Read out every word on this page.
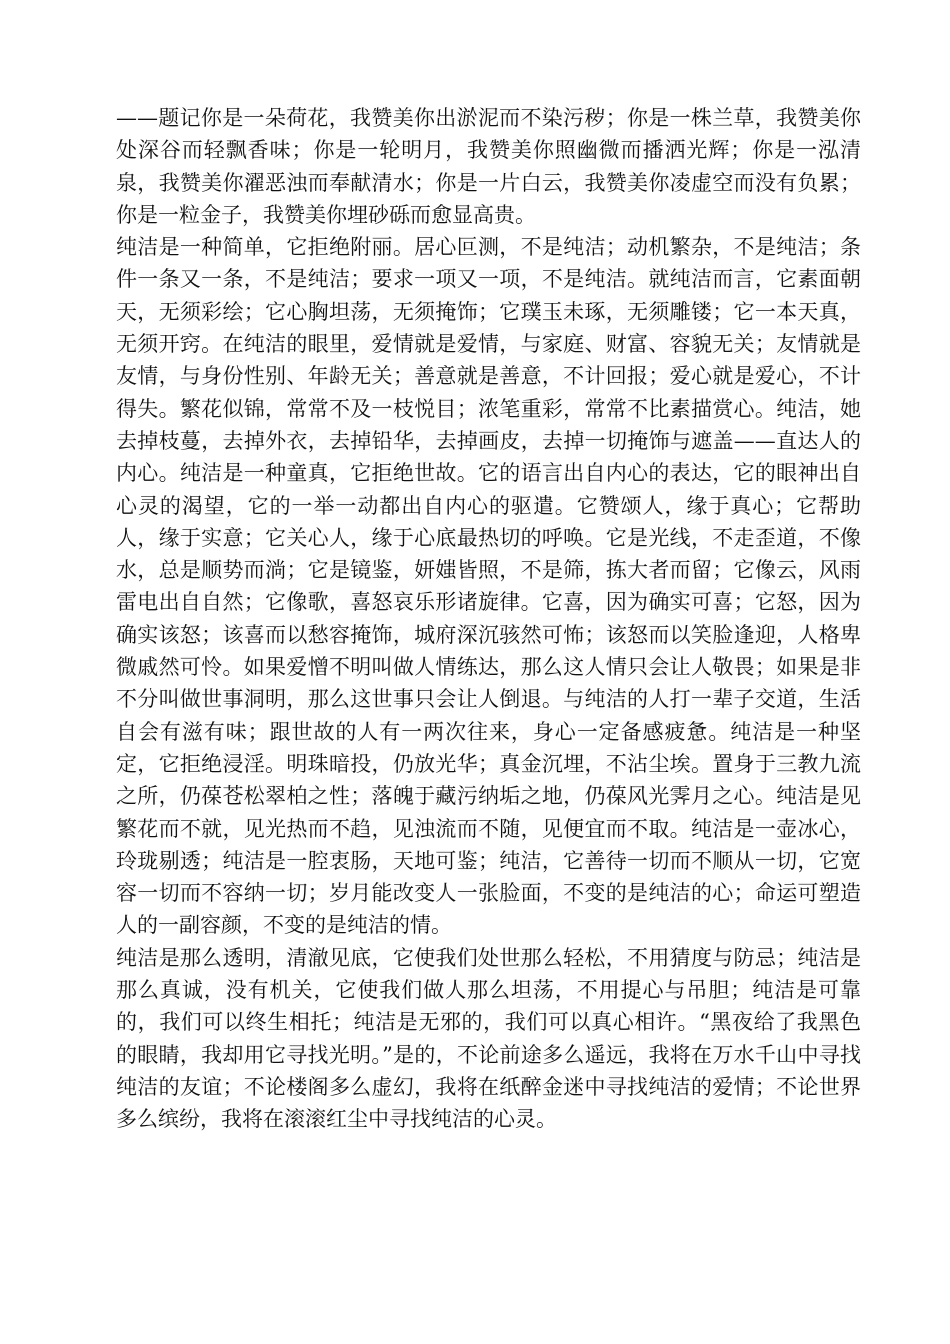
——题记你是一朵荷花，我赞美你出淤泥而不染污秽；你是一株兰草，我赞美你处深谷而轻飘香味；你是一轮明月，我赞美你照幽微而播洒光辉；你是一泓清泉，我赞美你濯恶浊而奉献清水；你是一片白云，我赞美你凌虚空而没有负累；你是一粒金子，我赞美你埋砂砾而愈显高贵。

纯洁是一种简单，它拒绝附丽。居心叵测，不是纯洁；动机繁杂，不是纯洁；条件一条又一条，不是纯洁；要求一项又一项，不是纯洁。就纯洁而言，它素面朝天，无须彩绘；它心胸坦荡，无须掩饰；它璞玉未琢，无须雕镂；它一本天真，无须开窍。在纯洁的眼里，爱情就是爱情，与家庭、财富、容貌无关；友情就是友情，与身份性别、年龄无关；善意就是善意，不计回报；爱心就是爱心，不计得失。繁花似锦，常常不及一枝悦目；浓笔重彩，常常不比素描赏心。纯洁，她去掉枝蔓，去掉外衣，去掉铅华，去掉画皮，去掉一切掩饰与遮盖——直达人的内心。纯洁是一种童真，它拒绝世故。它的语言出自内心的表达，它的眼神出自心灵的渴望，它的一举一动都出自内心的驱遣。它赞颂人，缘于真心；它帮助人，缘于实意；它关心人，缘于心底最热切的呼唤。它是光线，不走歪道，不像水，总是顺势而淌；它是镜鉴，妍媸皆照，不是筛，拣大者而留；它像云，风雨雷电出自自然；它像歌，喜怒哀乐形诸旋律。它喜，因为确实可喜；它怒，因为确实该怒；该喜而以愁容掩饰，城府深沉骇然可怖；该怒而以笑脸逢迎，人格卑微戚然可怜。如果爱憎不明叫做人情练达，那么这人情只会让人敬畏；如果是非不分叫做世事洞明，那么这世事只会让人倒退。与纯洁的人打一辈子交道，生活自会有滋有味；跟世故的人有一两次往来，身心一定备感疲惫。纯洁是一种坚定，它拒绝浸淫。明珠暗投，仍放光华；真金沉埋，不沾尘埃。置身于三教九流之所，仍葆苍松翠柏之性；落魄于藏污纳垢之地，仍葆风光霁月之心。纯洁是见繁花而不就，见光热而不趋，见浊流而不随，见便宜而不取。纯洁是一壶冰心，玲珑剔透；纯洁是一腔衷肠，天地可鉴；纯洁，它善待一切而不顺从一切，它宽容一切而不容纳一切；岁月能改变人一张脸面，不变的是纯洁的心；命运可塑造人的一副容颜，不变的是纯洁的情。

纯洁是那么透明，清澈见底，它使我们处世那么轻松，不用猜度与防忌；纯洁是那么真诚，没有机关，它使我们做人那么坦荡，不用提心与吊胆；纯洁是可靠的，我们可以终生相托；纯洁是无邪的，我们可以真心相许。“黑夜给了我黑色的眼睛，我却用它寻找光明。”是的，不论前途多么遥远，我将在万水千山中寻找纯洁的友谊；不论楼阁多么虚幻，我将在纸醉金迷中寻找纯洁的爱情；不论世界多么缤纷，我将在滚滚红尘中寻找纯洁的心灵。
